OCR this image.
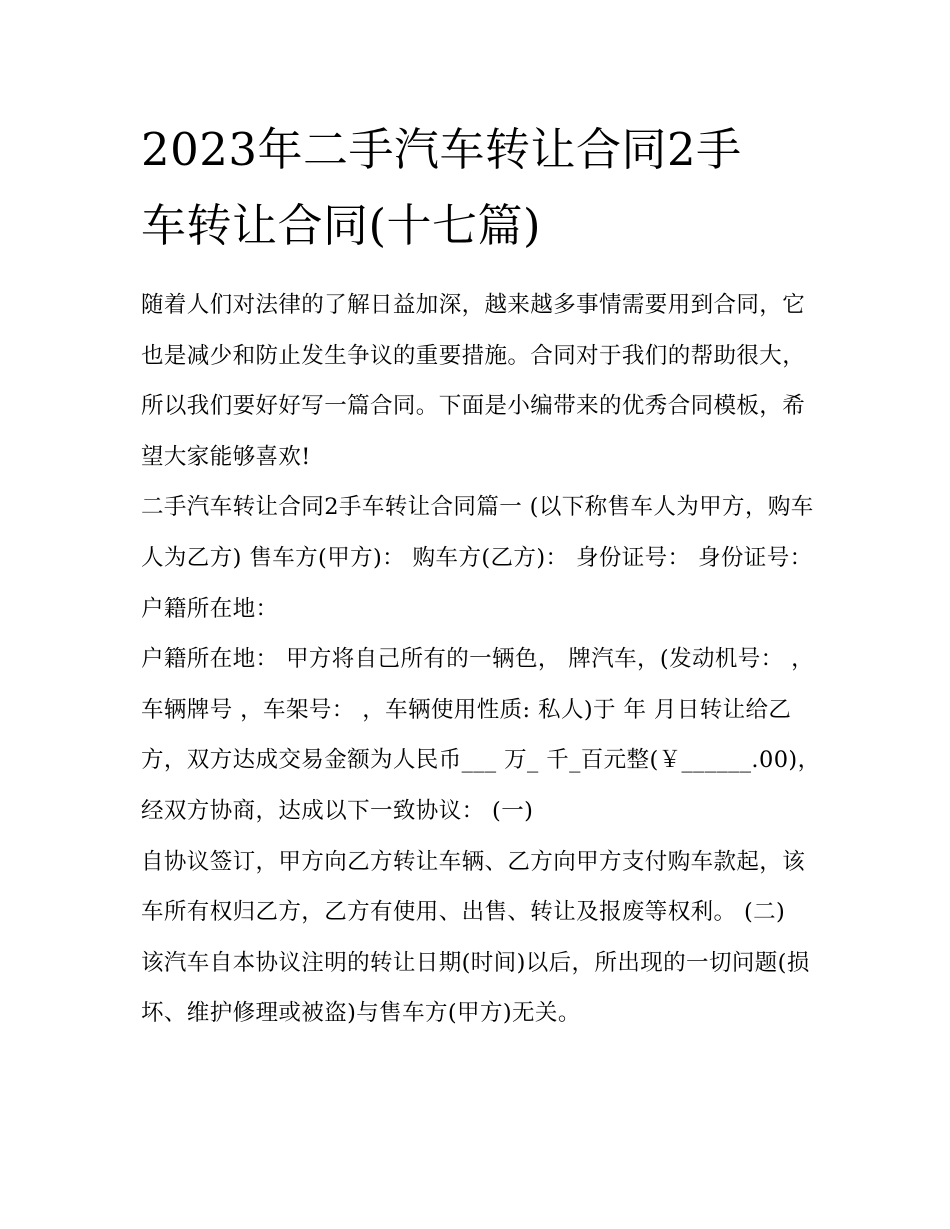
2023年二手汽车转让合同2手
车转让合同(十七篇)

随着人们对法律的了解日益加深，越来越多事情需要用到合同，它也是减少和防止发生争议的重要措施。合同对于我们的帮助很大，所以我们要好好写一篇合同。下面是小编带来的优秀合同模板，希望大家能够喜欢!

二手汽车转让合同2手车转让合同篇一 (以下称售车人为甲方，购车人为乙方) 售车方(甲方)： 购车方(乙方)： 身份证号： 身份证号： 户籍所在地：

户籍所在地： 甲方将自己所有的一辆色， 牌汽车，(发动机号： ，车辆牌号 ，车架号： ，车辆使用性质: 私人)于 年 月日转让给乙方，双方达成交易金额为人民币___ 万_ 千_百元整(￥______.00)，经双方协商，达成以下一致协议： (一)

自协议签订，甲方向乙方转让车辆、乙方向甲方支付购车款起，该车所有权归乙方，乙方有使用、出售、转让及报废等权利。 (二)

该汽车自本协议注明的转让日期(时间)以后，所出现的一切问题(损坏、维护修理或被盗)与售车方(甲方)无关。
